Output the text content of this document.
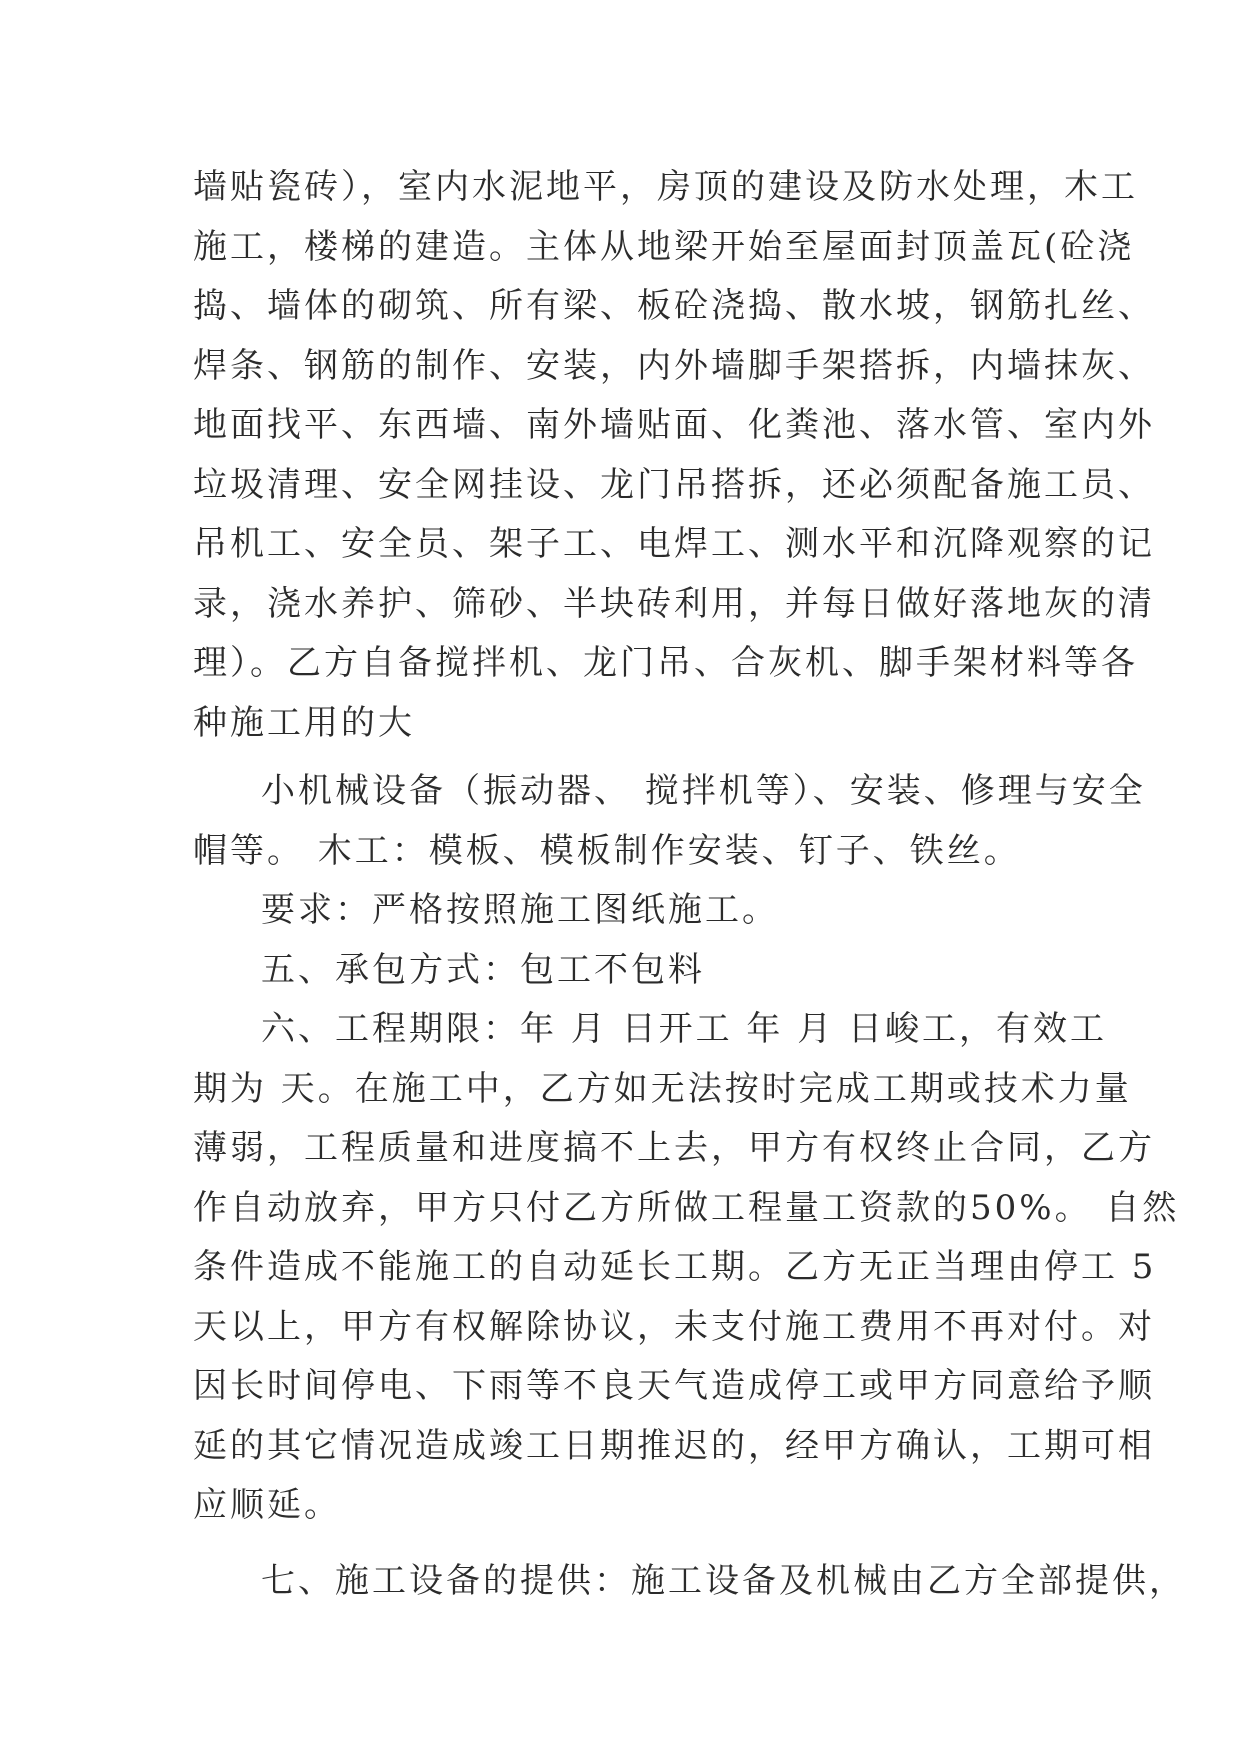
墙贴瓷砖），室内水泥地平，房顶的建设及防水处理，木工
施工，楼梯的建造。主体从地梁开始至屋面封顶盖瓦(砼浇
捣、墙体的砌筑、所有梁、板砼浇捣、散水坡，钢筋扎丝、
焊条、钢筋的制作、安装，内外墙脚手架搭拆，内墙抹灰、
地面找平、东西墙、南外墙贴面、化粪池、落水管、室内外
垃圾清理、安全网挂设、龙门吊搭拆，还必须配备施工员、
吊机工、安全员、架子工、电焊工、测水平和沉降观察的记
录，浇水养护、筛砂、半块砖利用，并每日做好落地灰的清
理）。乙方自备搅拌机、龙门吊、合灰机、脚手架材料等各
种施工用的大
小机械设备（振动器、 搅拌机等）、安装、修理与安全
帽等。 木工：模板、模板制作安装、钉子、铁丝。
要求：严格按照施工图纸施工。
五、承包方式：包工不包料
六、工程期限：年 月 日开工 年 月 日峻工，有效工
期为 天。在施工中，乙方如无法按时完成工期或技术力量
薄弱，工程质量和进度搞不上去，甲方有权终止合同，乙方
作自动放弃，甲方只付乙方所做工程量工资款的50%。 自然
条件造成不能施工的自动延长工期。乙方无正当理由停工 5
天以上，甲方有权解除协议，未支付施工费用不再对付。对
因长时间停电、下雨等不良天气造成停工或甲方同意给予顺
延的其它情况造成竣工日期推迟的，经甲方确认，工期可相
应顺延。
七、施工设备的提供：施工设备及机械由乙方全部提供，
